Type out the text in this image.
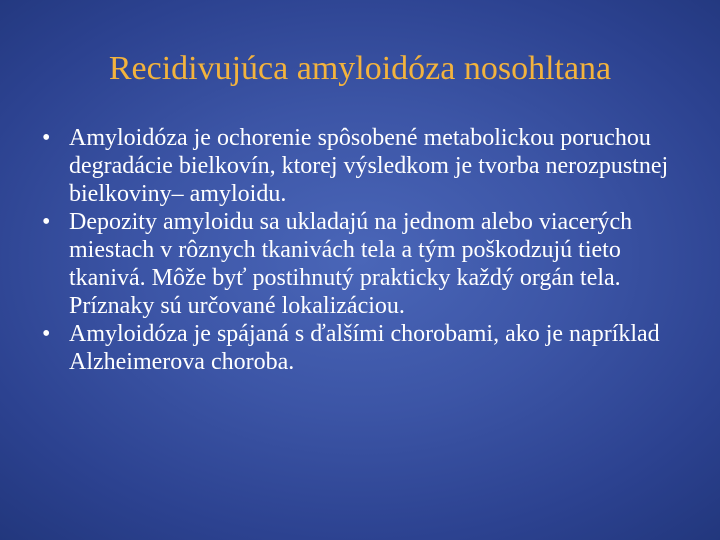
Recidivujúca amyloidóza nosohltana
• Amyloidóza je ochorenie spôsobené metabolickou poruchou degradácie bielkovín, ktorej výsledkom je tvorba nerozpustnej bielkoviny– amyloidu.
• Depozity amyloidu sa ukladajú na jednom alebo viacerých miestach v rôznych tkanivách tela a tým poškodzujú tieto tkanivá. Môže byť postihnutý prakticky každý orgán tela. Príznaky sú určované lokalizáciou.
• Amyloidóza je spájaná s ďalšími chorobami, ako je napríklad Alzheimerova choroba.
